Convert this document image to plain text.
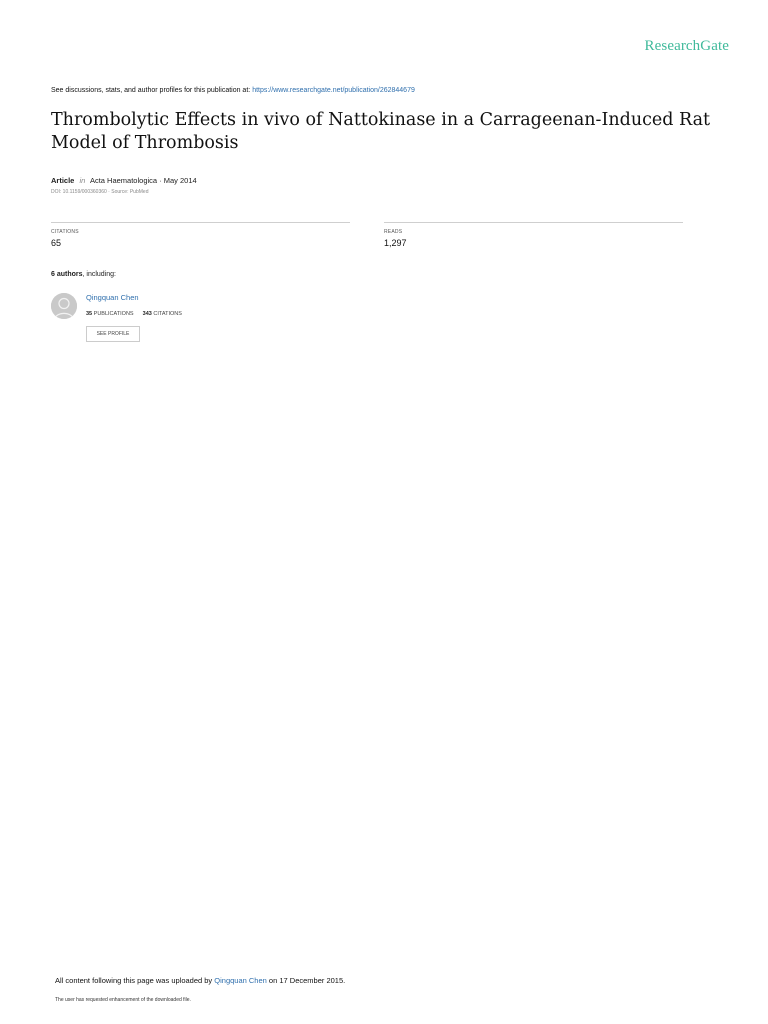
ResearchGate
See discussions, stats, and author profiles for this publication at: https://www.researchgate.net/publication/262844679
Thrombolytic Effects in vivo of Nattokinase in a Carrageenan-Induced Rat Model of Thrombosis
Article in Acta Haematologica · May 2014
DOI: 10.1159/000360360 · Source: PubMed
CITATIONS
65
READS
1,297
6 authors, including:
Qingquan Chen
35 PUBLICATIONS 343 CITATIONS
SEE PROFILE
All content following this page was uploaded by Qingquan Chen on 17 December 2015.
The user has requested enhancement of the downloaded file.
